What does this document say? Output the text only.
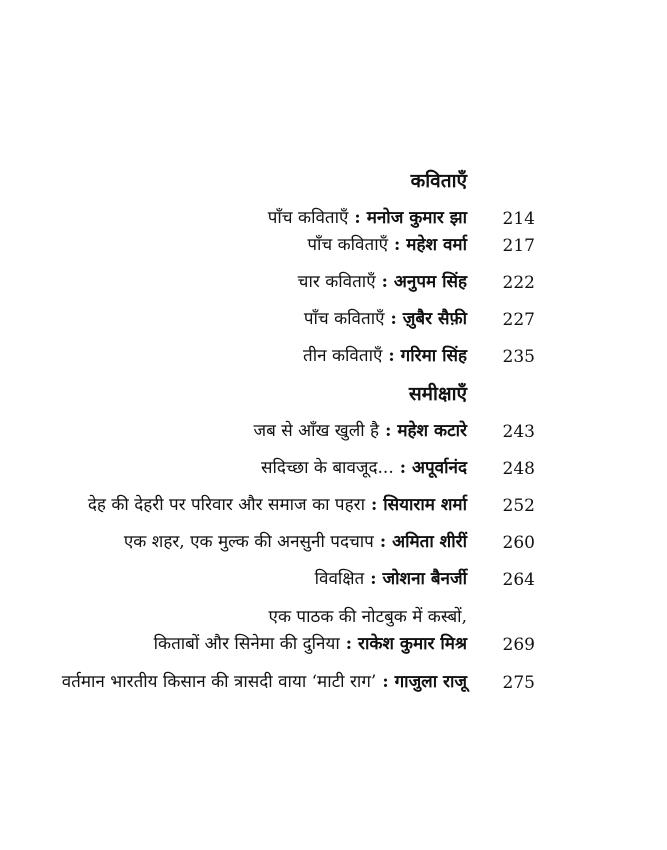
कविताएँ
पाँच कविताएँ : मनोज कुमार झा 214
पाँच कविताएँ : महेश वर्मा 217
चार कविताएँ : अनुपम सिंह 222
पाँच कविताएँ : ज़ुबैर सैफ़ी 227
तीन कविताएँ : गरिमा सिंह 235
समीक्षाएँ
जब से आँख खुली है : महेश कटारे 243
सदिच्छा के बावजूद... : अपूर्वानंद 248
देह की देहरी पर परिवार और समाज का पहरा : सियाराम शर्मा 252
एक शहर, एक मुल्क की अनसुनी पदचाप : अमिता शीरीं 260
विवक्षित : जोशना बैनर्जी 264
एक पाठक की नोटबुक में कस्बों,
किताबों और सिनेमा की दुनिया : राकेश कुमार मिश्र 269
वर्तमान भारतीय किसान की त्रासदी वाया ‘माटी राग’ : गाजुला राजू 275
